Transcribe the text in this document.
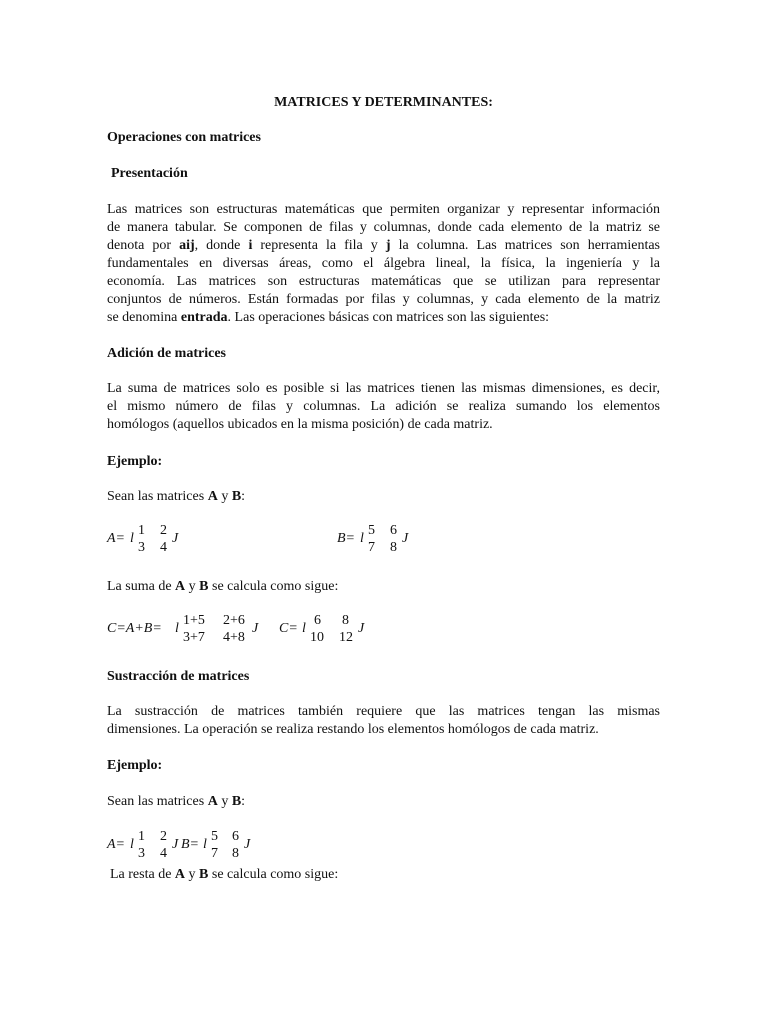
MATRICES Y DETERMINANTES:
Operaciones con matrices
Presentación
Las matrices son estructuras matemáticas que permiten organizar y representar información
de manera tabular. Se componen de filas y columnas, donde cada elemento de la matriz se
denota por aij, donde i representa la fila y j la columna. Las matrices son herramientas
fundamentales en diversas áreas, como el álgebra lineal, la física, la ingeniería y la
economía. Las matrices son estructuras matemáticas que se utilizan para representar
conjuntos de números. Están formadas por filas y columnas, y cada elemento de la matriz
se denomina entrada. Las operaciones básicas con matrices son las siguientes:
Adición de matrices
La suma de matrices solo es posible si las matrices tienen las mismas dimensiones, es decir,
el mismo número de filas y columnas. La adición se realiza sumando los elementos
homólogos (aquellos ubicados en la misma posición) de cada matriz.
Ejemplo:
Sean las matrices A y B:
A= l
1 2
3 4
J	B= l
5 6
7 8
J
La suma de A y B se calcula como sigue:
C=A+B= l
1+5 2+6
3+7 4+8
J C= l
6 8
10 12
J
Sustracción de matrices
La sustracción de matrices también requiere que las matrices tengan las mismas
dimensiones. La operación se realiza restando los elementos homólogos de cada matriz.
Ejemplo:
Sean las matrices A y B:
A= l
1 2
3 4
J B= l
5 6
7 8
J
La resta de A y B se calcula como sigue:
